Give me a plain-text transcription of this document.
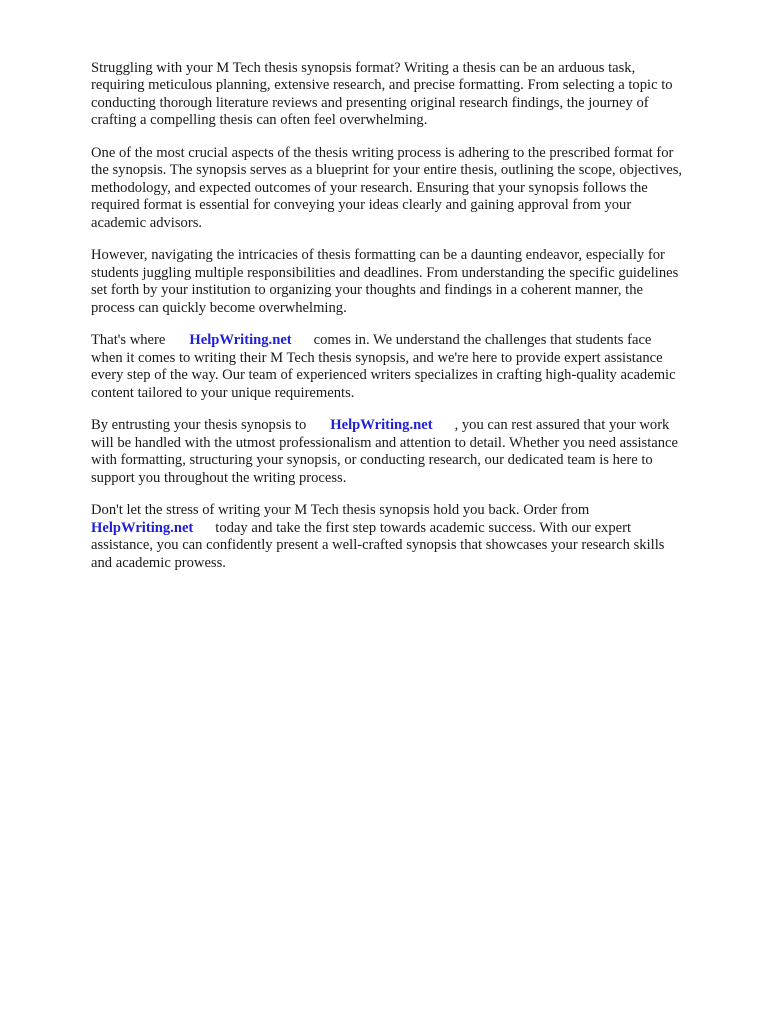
Struggling with your M Tech thesis synopsis format? Writing a thesis can be an arduous task,
requiring meticulous planning, extensive research, and precise formatting. From selecting a topic to
conducting thorough literature reviews and presenting original research findings, the journey of
crafting a compelling thesis can often feel overwhelming.

One of the most crucial aspects of the thesis writing process is adhering to the prescribed format for
the synopsis. The synopsis serves as a blueprint for your entire thesis, outlining the scope, objectives,
methodology, and expected outcomes of your research. Ensuring that your synopsis follows the
required format is essential for conveying your ideas clearly and gaining approval from your
academic advisors.

However, navigating the intricacies of thesis formatting can be a daunting endeavor, especially for
students juggling multiple responsibilities and deadlines. From understanding the specific guidelines
set forth by your institution to organizing your thoughts and findings in a coherent manner, the
process can quickly become overwhelming.

That's where HelpWriting.net comes in. We understand the challenges that students face
when it comes to writing their M Tech thesis synopsis, and we're here to provide expert assistance
every step of the way. Our team of experienced writers specializes in crafting high-quality academic
content tailored to your unique requirements.

By entrusting your thesis synopsis to HelpWriting.net , you can rest assured that your work
will be handled with the utmost professionalism and attention to detail. Whether you need assistance
with formatting, structuring your synopsis, or conducting research, our dedicated team is here to
support you throughout the writing process.

Don't let the stress of writing your M Tech thesis synopsis hold you back. Order from
HelpWriting.net today and take the first step towards academic success. With our expert
assistance, you can confidently present a well-crafted synopsis that showcases your research skills
and academic prowess.
